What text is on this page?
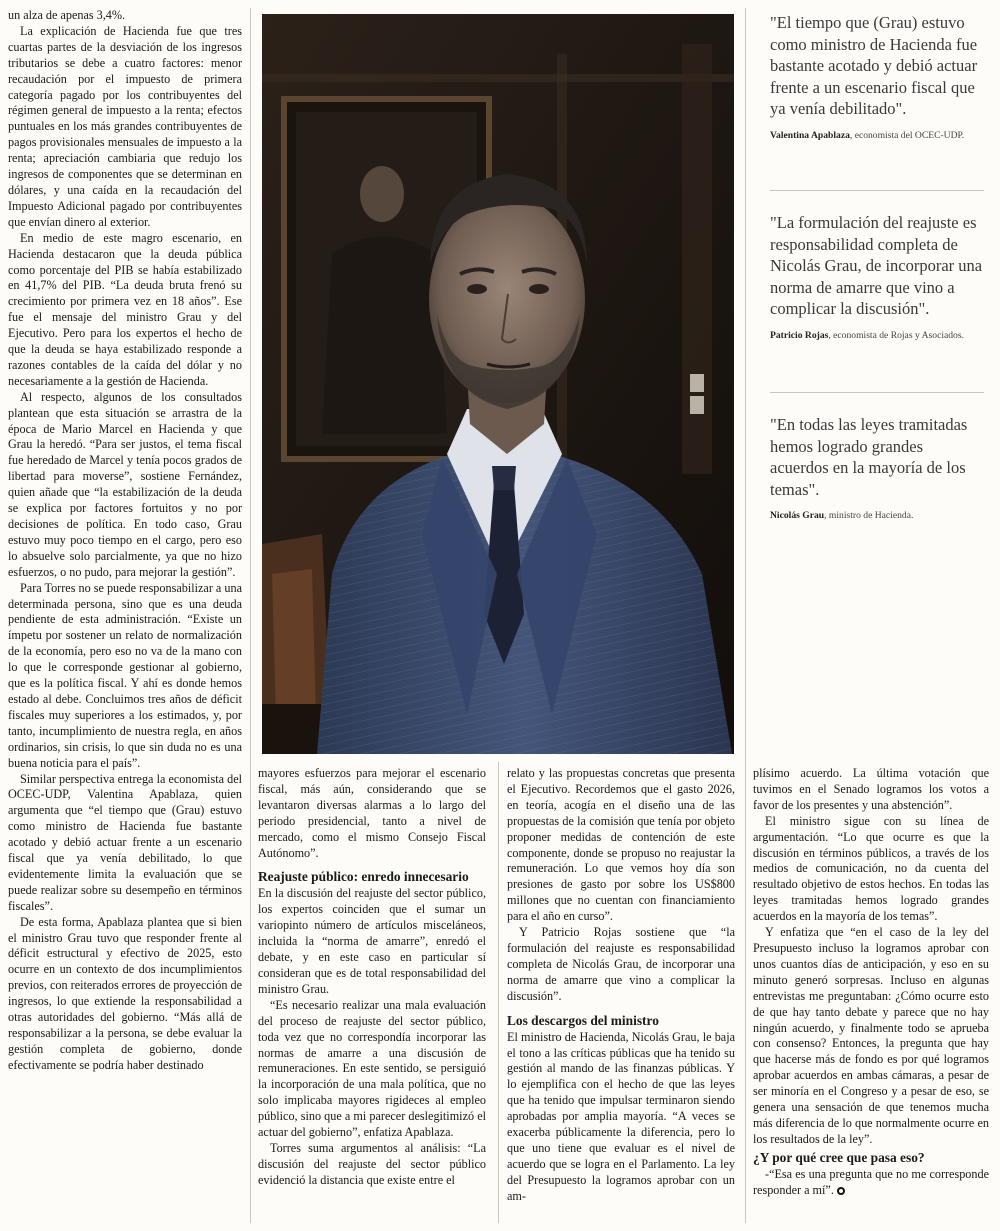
un alza de apenas 3,4%.

La explicación de Hacienda fue que tres cuartas partes de la desviación de los ingresos tributarios se debe a cuatro factores: menor recaudación por el impuesto de primera categoría pagado por los contribuyentes del régimen general de impuesto a la renta; efectos puntuales en los más grandes contribuyentes de pagos provisionales mensuales de impuesto a la renta; apreciación cambiaria que redujo los ingresos de componentes que se determinan en dólares, y una caída en la recaudación del Impuesto Adicional pagado por contribuyentes que envían dinero al exterior.

En medio de este magro escenario, en Hacienda destacaron que la deuda pública como porcentaje del PIB se había estabilizado en 41,7% del PIB. “La deuda bruta frenó su crecimiento por primera vez en 18 años”. Ese fue el mensaje del ministro Grau y del Ejecutivo. Pero para los expertos el hecho de que la deuda se haya estabilizado responde a razones contables de la caída del dólar y no necesariamente a la gestión de Hacienda.

Al respecto, algunos de los consultados plantean que esta situación se arrastra de la época de Mario Marcel en Hacienda y que Grau la heredó. “Para ser justos, el tema fiscal fue heredado de Marcel y tenía pocos grados de libertad para moverse”, sostiene Fernández, quien añade que “la estabilización de la deuda se explica por factores fortuitos y no por decisiones de política. En todo caso, Grau estuvo muy poco tiempo en el cargo, pero eso lo absuelve solo parcialmente, ya que no hizo esfuerzos, o no pudo, para mejorar la gestión”.

Para Torres no se puede responsabilizar a una determinada persona, sino que es una deuda pendiente de esta administración. “Existe un ímpetu por sostener un relato de normalización de la economía, pero eso no va de la mano con lo que le corresponde gestionar al gobierno, que es la política fiscal. Y ahí es donde hemos estado al debe. Concluimos tres años de déficit fiscales muy superiores a los estimados, y, por tanto, incumplimiento de nuestra regla, en años ordinarios, sin crisis, lo que sin duda no es una buena noticia para el país”.

Similar perspectiva entrega la economista del OCEC-UDP, Valentina Apablaza, quien argumenta que “el tiempo que (Grau) estuvo como ministro de Hacienda fue bastante acotado y debió actuar frente a un escenario fiscal que ya venía debilitado, lo que evidentemente limita la evaluación que se puede realizar sobre su desempeño en términos fiscales”.

De esta forma, Apablaza plantea que si bien el ministro Grau tuvo que responder frente al déficit estructural y efectivo de 2025, esto ocurre en un contexto de dos incumplimientos previos, con reiterados errores de proyección de ingresos, lo que extiende la responsabilidad a otras autoridades del gobierno. “Más allá de responsabilizar a la persona, se debe evaluar la gestión completa de gobierno, donde efectivamente se podría haber destinado

"El tiempo que (Grau) estuvo como ministro de Hacienda fue bastante acotado y debió actuar frente a un escenario fiscal que ya venía debilitado".
Valentina Apablaza, economista del OCEC-UDP.
"La formulación del reajuste es responsabilidad completa de Nicolás Grau, de incorporar una norma de amarre que vino a complicar la discusión".
Patricio Rojas, economista de Rojas y Asociados.
"En todas las leyes tramitadas hemos logrado grandes acuerdos en la mayoría de los temas".
Nicolás Grau, ministro de Hacienda.

mayores esfuerzos para mejorar el escenario fiscal, más aún, considerando que se levantaron diversas alarmas a lo largo del periodo presidencial, tanto a nivel de mercado, como el mismo Consejo Fiscal Autónomo”.

Reajuste público: enredo innecesario

En la discusión del reajuste del sector público, los expertos coinciden que el sumar un variopinto número de artículos misceláneos, incluida la “norma de amarre”, enredó el debate, y en este caso en particular sí consideran que es de total responsabilidad del ministro Grau.

“Es necesario realizar una mala evaluación del proceso de reajuste del sector público, toda vez que no correspondía incorporar las normas de amarre a una discusión de remuneraciones. En este sentido, se persiguió la incorporación de una mala política, que no solo implicaba mayores rigideces al empleo público, sino que a mi parecer deslegitimizó el actuar del gobierno”, enfatiza Apablaza.

Torres suma argumentos al análisis: “La discusión del reajuste del sector público evidenció la distancia que existe entre el

relato y las propuestas concretas que presenta el Ejecutivo. Recordemos que el gasto 2026, en teoría, acogía en el diseño una de las propuestas de la comisión que tenía por objeto proponer medidas de contención de este componente, donde se propuso no reajustar la remuneración. Lo que vemos hoy día son presiones de gasto por sobre los US$800 millones que no cuentan con financiamiento para el año en curso”.

Y Patricio Rojas sostiene que “la formulación del reajuste es responsabilidad completa de Nicolás Grau, de incorporar una norma de amarre que vino a complicar la discusión”.

Los descargos del ministro

El ministro de Hacienda, Nicolás Grau, le baja el tono a las críticas públicas que ha tenido su gestión al mando de las finanzas públicas. Y lo ejemplifica con el hecho de que las leyes que ha tenido que impulsar terminaron siendo aprobadas por amplia mayoría. “A veces se exacerba públicamente la diferencia, pero lo que uno tiene que evaluar es el nivel de acuerdo que se logra en el Parlamento. La ley del Presupuesto la logramos aprobar con un am-

plísimo acuerdo. La última votación que tuvimos en el Senado logramos los votos a favor de los presentes y una abstención”.

El ministro sigue con su línea de argumentación. “Lo que ocurre es que la discusión en términos públicos, a través de los medios de comunicación, no da cuenta del resultado objetivo de estos hechos. En todas las leyes tramitadas hemos logrado grandes acuerdos en la mayoría de los temas”.

Y enfatiza que “en el caso de la ley del Presupuesto incluso la logramos aprobar con unos cuantos días de anticipación, y eso en su minuto generó sorpresas. Incluso en algunas entrevistas me preguntaban: ¿Cómo ocurre esto de que hay tanto debate y parece que no hay ningún acuerdo, y finalmente todo se aprueba con consenso? Entonces, la pregunta que hay que hacerse más de fondo es por qué logramos aprobar acuerdos en ambas cámaras, a pesar de ser minoría en el Congreso y a pesar de eso, se genera una sensación de que tenemos mucha más diferencia de lo que normalmente ocurre en los resultados de la ley”.

¿Y por qué cree que pasa eso?

-“Esa es una pregunta que no me corresponde responder a mí”.
